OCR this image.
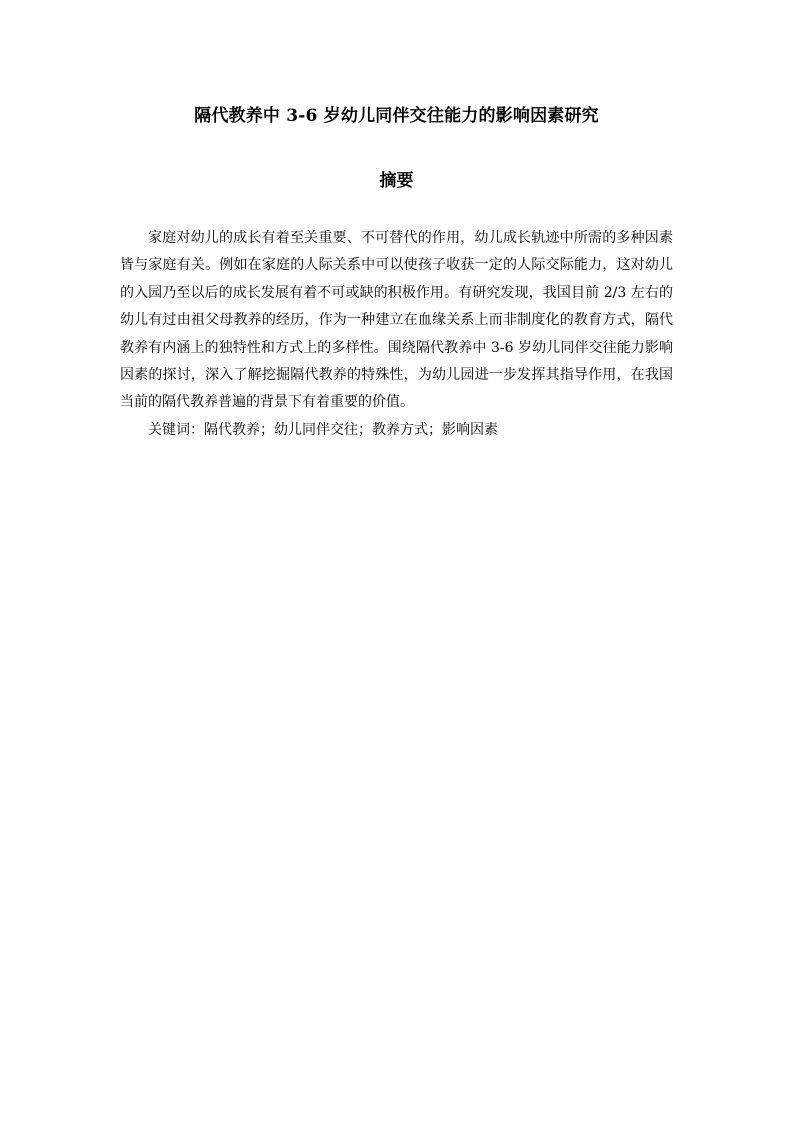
隔代教养中 3-6 岁幼儿同伴交往能力的影响因素研究
摘要

家庭对幼儿的成长有着至关重要、不可替代的作用，幼儿成长轨迹中所需的多种因素皆与家庭有关。例如在家庭的人际关系中可以使孩子收获一定的人际交际能力，这对幼儿的入园乃至以后的成长发展有着不可或缺的积极作用。有研究发现，我国目前 2/3 左右的幼儿有过由祖父母教养的经历，作为一种建立在血缘关系上而非制度化的教育方式，隔代教养有内涵上的独特性和方式上的多样性。围绕隔代教养中 3-6 岁幼儿同伴交往能力影响因素的探讨，深入了解挖掘隔代教养的特殊性，为幼儿园进一步发挥其指导作用，在我国当前的隔代教养普遍的背景下有着重要的价值。

关键词：隔代教养；幼儿同伴交往；教养方式；影响因素
